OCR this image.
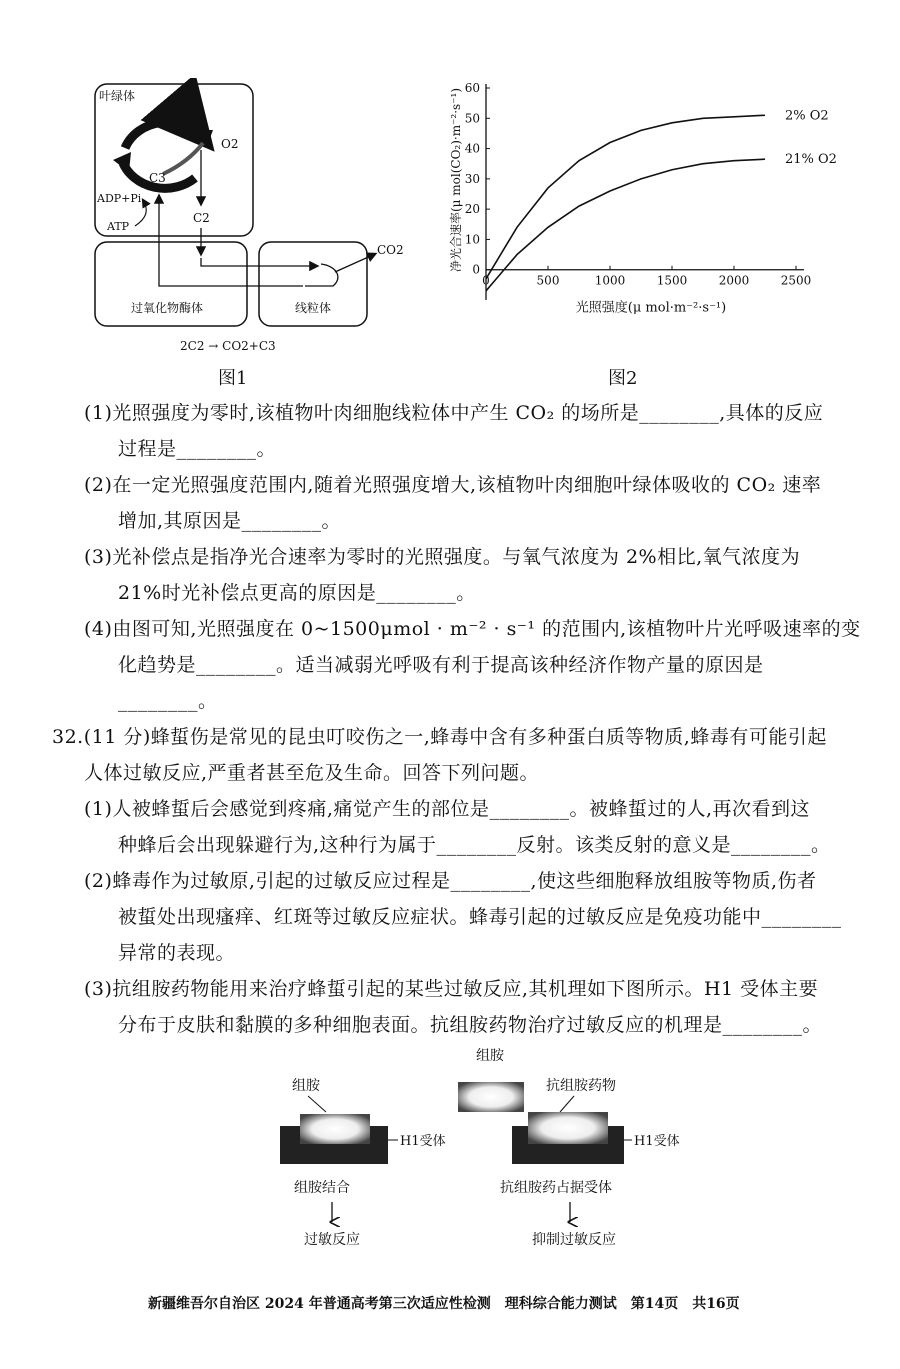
叶绿体
C5
O2
C3
ADP+Pi
ATP
C2
过氧化物酶体	线粒体
CO2
2C2 → CO2+C3
图1
0	500	1000	1500	2000	2500
0
10
20
30
40
50
60
光照强度(μ mol·m⁻²·s⁻¹)
净光合速率(μ mol(CO₂)·m⁻²·s⁻¹)	2% O2
21% O2
图2
(1)光照强度为零时,该植物叶肉细胞线粒体中产生 CO₂ 的场所是________,具体的反应
过程是________。
(2)在一定光照强度范围内,随着光照强度增大,该植物叶肉细胞叶绿体吸收的 CO₂ 速率
增加,其原因是________。
(3)光补偿点是指净光合速率为零时的光照强度。与氧气浓度为 2%相比,氧气浓度为
21%时光补偿点更高的原因是________。
(4)由图可知,光照强度在 0~1500μmol · m⁻² · s⁻¹ 的范围内,该植物叶片光呼吸速率的变
化趋势是________。适当减弱光呼吸有利于提高该种经济作物产量的原因是
________。
32.(11 分)蜂蜇伤是常见的昆虫叮咬伤之一,蜂毒中含有多种蛋白质等物质,蜂毒有可能引起
人体过敏反应,严重者甚至危及生命。回答下列问题。
(1)人被蜂蜇后会感觉到疼痛,痛觉产生的部位是________。被蜂蜇过的人,再次看到这
种蜂后会出现躲避行为,这种行为属于________反射。该类反射的意义是________。
(2)蜂毒作为过敏原,引起的过敏反应过程是________,使这些细胞释放组胺等物质,伤者
被蜇处出现瘙痒、红斑等过敏反应症状。蜂毒引起的过敏反应是免疫功能中________
异常的表现。
(3)抗组胺药物能用来治疗蜂蜇引起的某些过敏反应,其机理如下图所示。H1 受体主要
分布于皮肤和黏膜的多种细胞表面。抗组胺药物治疗过敏反应的机理是________。
组胺
H1受体
组胺结合
过敏反应
组胺
抗组胺药物
H1受体
抗组胺药占据受体
抑制过敏反应
新疆维吾尔自治区 2024 年普通高考第三次适应性检测　理科综合能力测试　第14页　共16页
